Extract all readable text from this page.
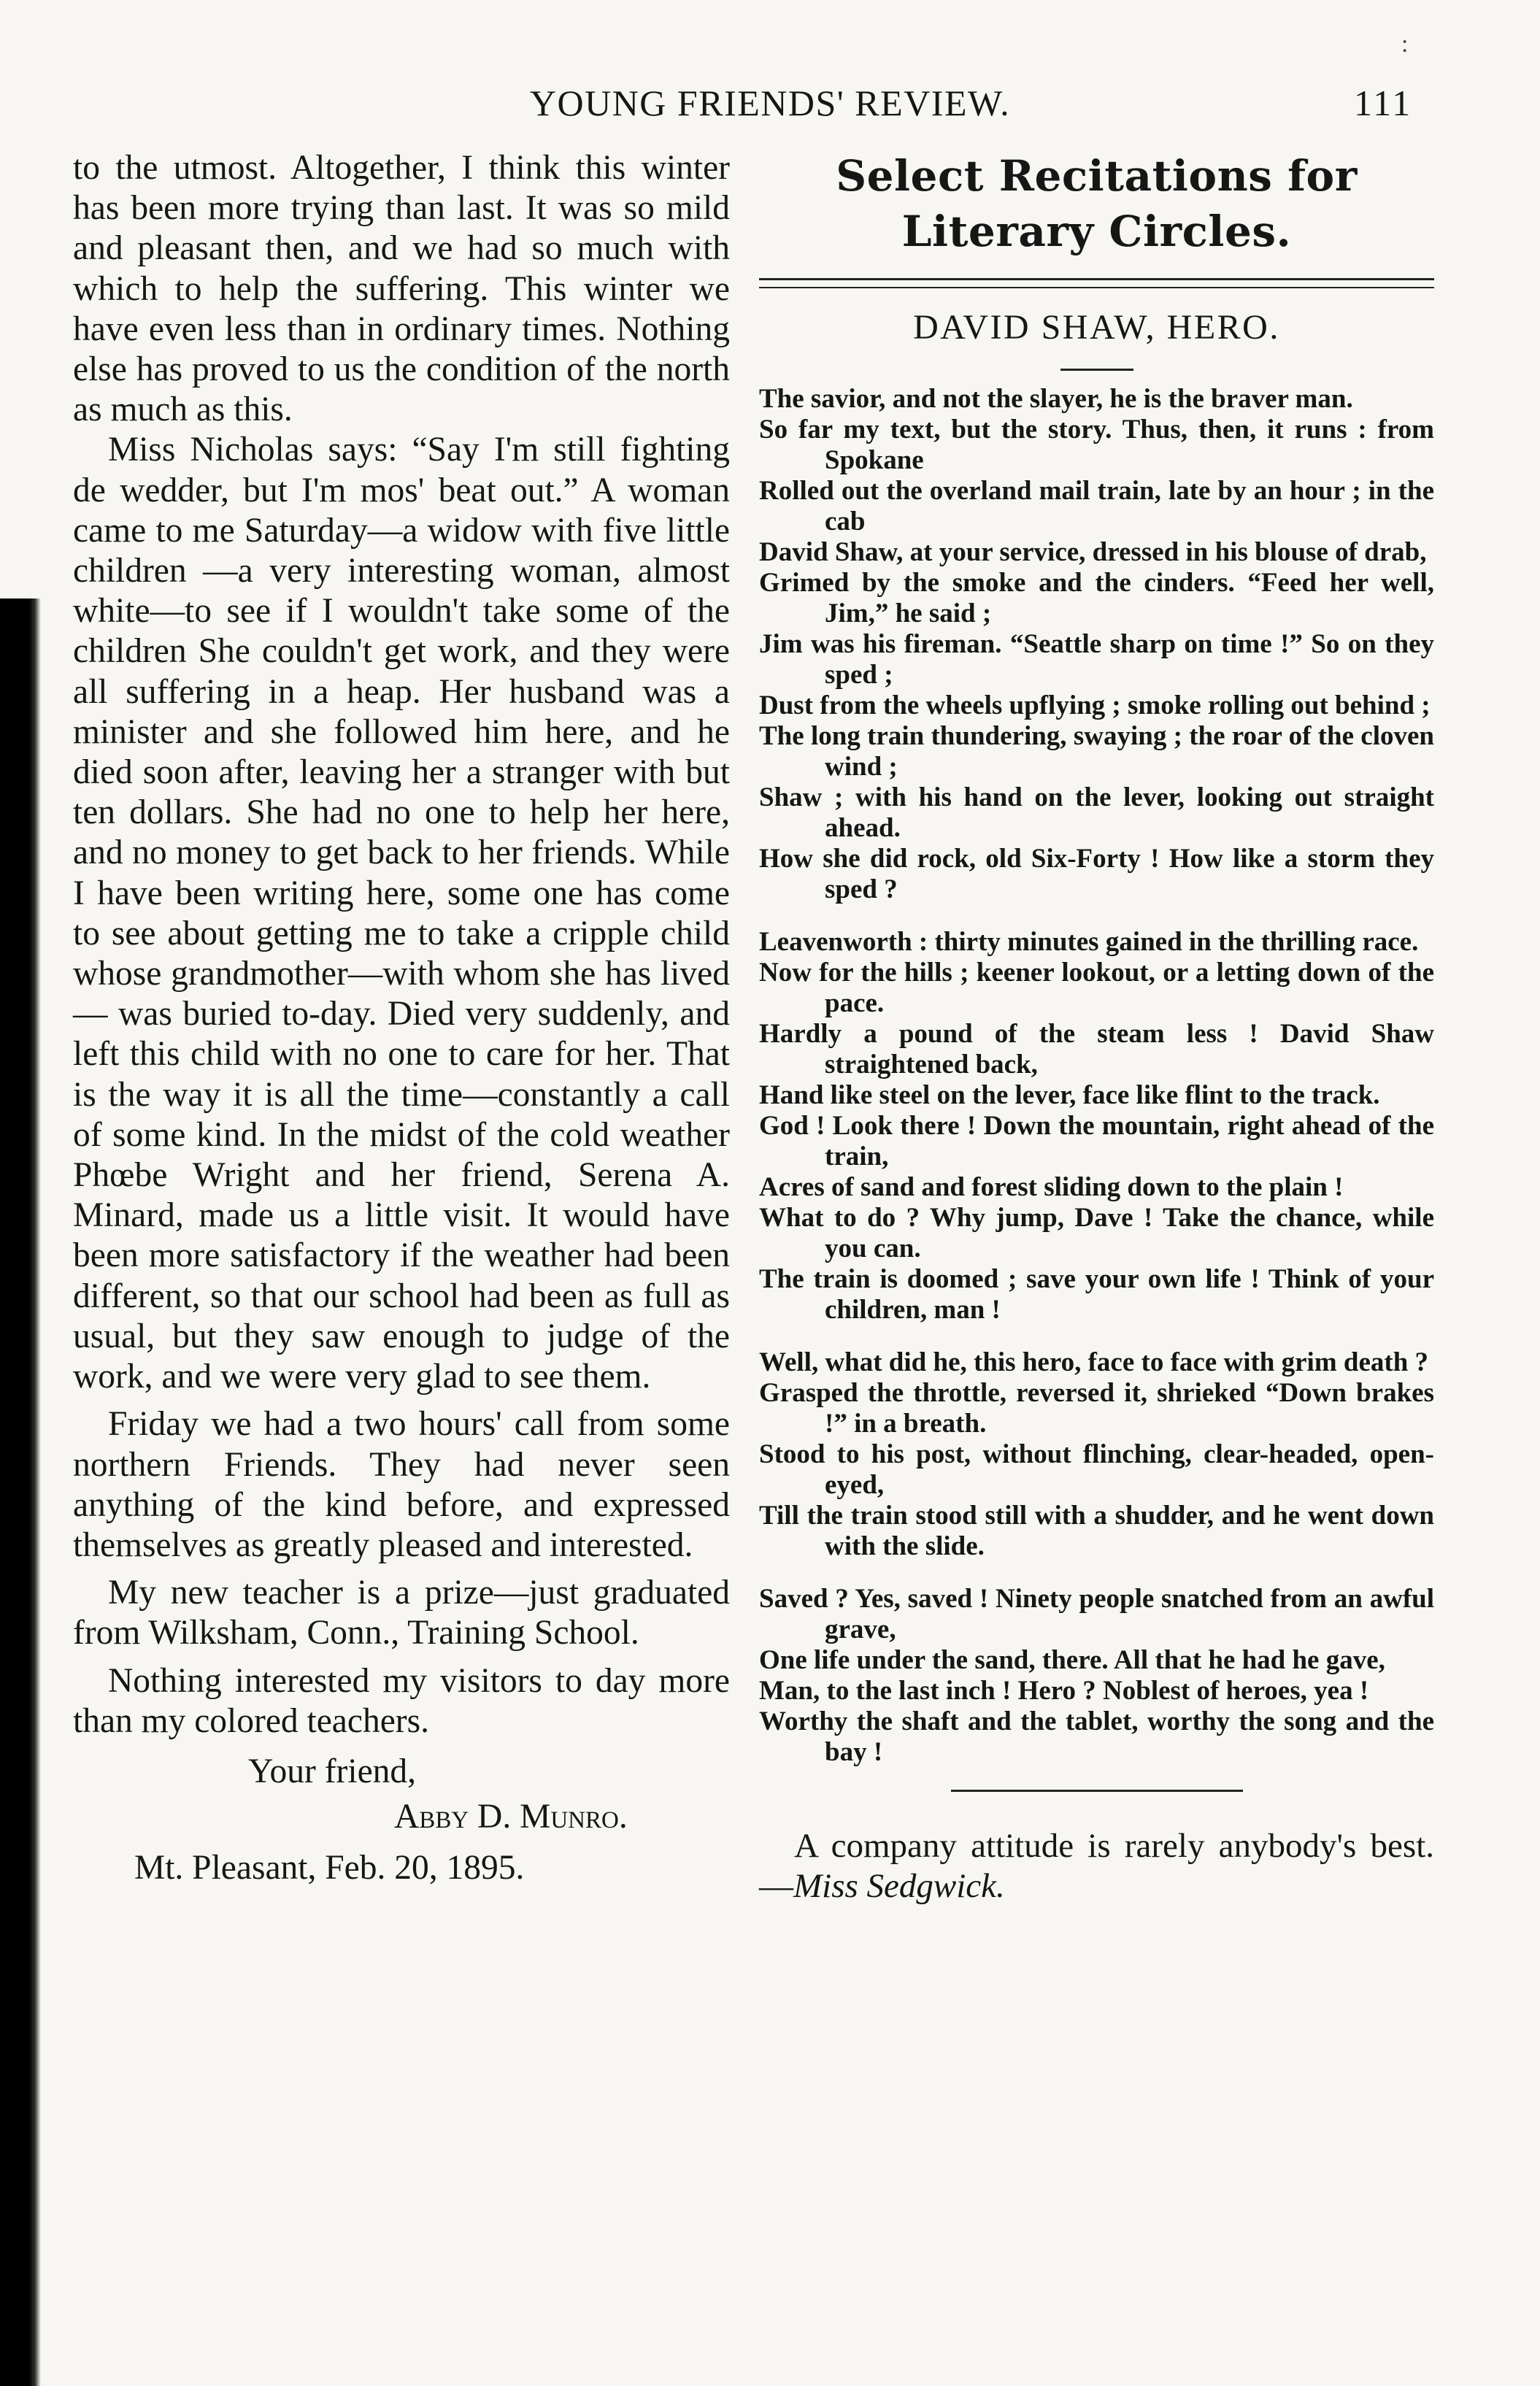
:
YOUNG FRIENDS' REVIEW.	111

to the utmost. Altogether, I think this winter has been more trying than last. It was so mild and pleasant then, and we had so much with which to help the suffering. This winter we have even less than in ordinary times. Nothing else has proved to us the condition of the north as much as this.

Miss Nicholas says: “Say I'm still fighting de wedder, but I'm mos' beat out.” A woman came to me Saturday—a widow with five little children —a very interesting woman, almost white—to see if I wouldn't take some of the children She couldn't get work, and they were all suffering in a heap. Her husband was a minister and she followed him here, and he died soon after, leaving her a stranger with but ten dollars. She had no one to help her here, and no money to get back to her friends. While I have been writing here, some one has come to see about getting me to take a cripple child whose grandmother—with whom she has lived — was buried to-day. Died very suddenly, and left this child with no one to care for her. That is the way it is all the time—constantly a call of some kind. In the midst of the cold weather Phœbe Wright and her friend, Serena A. Minard, made us a little visit. It would have been more satisfactory if the weather had been different, so that our school had been as full as usual, but they saw enough to judge of the work, and we were very glad to see them.

Friday we had a two hours' call from some northern Friends. They had never seen anything of the kind before, and expressed themselves as greatly pleased and interested.

My new teacher is a prize—just graduated from Wilksham, Conn., Training School.

Nothing interested my visitors to day more than my colored teachers.

Your friend,
Abby D. Munro.
Mt. Pleasant, Feb. 20, 1895.
Select Recitations for Literary Circles.
DAVID SHAW, HERO.

The savior, and not the slayer, he is the braver man.

So far my text, but the story. Thus, then, it runs : from Spokane

Rolled out the overland mail train, late by an hour ; in the cab

David Shaw, at your service, dressed in his blouse of drab,

Grimed by the smoke and the cinders. “Feed her well, Jim,” he said ;

Jim was his fireman. “Seattle sharp on time !” So on they sped ;

Dust from the wheels upflying ; smoke rolling out behind ;

The long train thundering, swaying ; the roar of the cloven wind ;

Shaw ; with his hand on the lever, looking out straight ahead.

How she did rock, old Six-Forty ! How like a storm they sped ?

Leavenworth : thirty minutes gained in the thrilling race.

Now for the hills ; keener lookout, or a letting down of the pace.

Hardly a pound of the steam less ! David Shaw straightened back,

Hand like steel on the lever, face like flint to the track.

God ! Look there ! Down the mountain, right ahead of the train,

Acres of sand and forest sliding down to the plain !

What to do ? Why jump, Dave ! Take the chance, while you can.

The train is doomed ; save your own life ! Think of your children, man !

Well, what did he, this hero, face to face with grim death ?

Grasped the throttle, reversed it, shrieked “Down brakes !” in a breath.

Stood to his post, without flinching, clear-headed, open-eyed,

Till the train stood still with a shudder, and he went down with the slide.

Saved ? Yes, saved ! Ninety people snatched from an awful grave,

One life under the sand, there. All that he had he gave,

Man, to the last inch ! Hero ? Noblest of heroes, yea !

Worthy the shaft and the tablet, worthy the song and the bay !

A company attitude is rarely anybody's best.—Miss Sedgwick.
